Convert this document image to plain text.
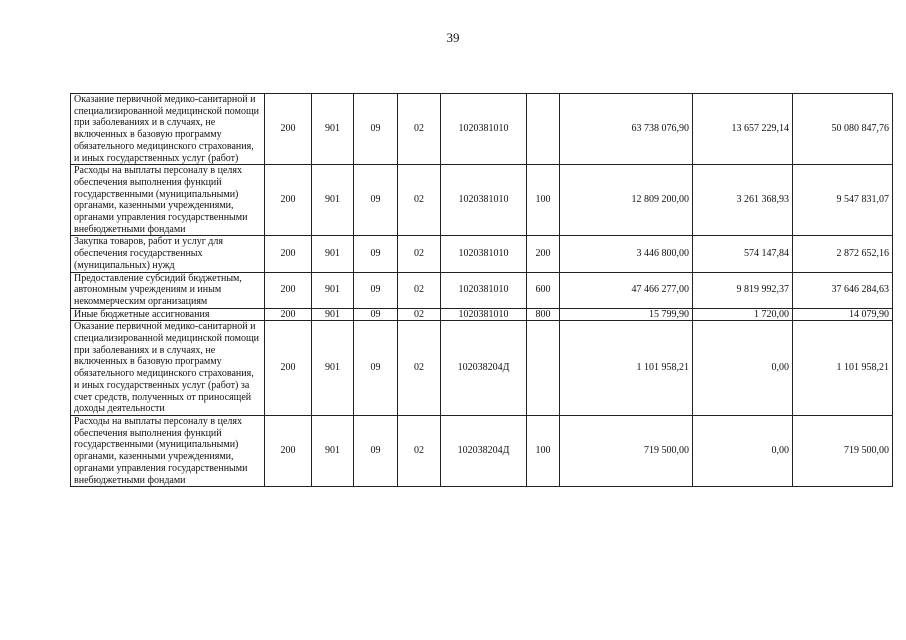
39
Оказание первичной медико-санитарной и специализированной медицинской помощи при заболеваниях и в случаях, не включенных в базовую программу обязательного медицинского страхования, и иных государственных услуг (работ)	200	901	09	02	1020381010		63 738 076,90	13 657 229,14	50 080 847,76
Расходы на выплаты персоналу в целях обеспечения выполнения функций государственными (муниципальными) органами, казенными учреждениями, органами управления государственными внебюджетными фондами	200	901	09	02	1020381010	100	12 809 200,00	3 261 368,93	9 547 831,07
Закупка товаров, работ и услуг для обеспечения государственных (муниципальных) нужд	200	901	09	02	1020381010	200	3 446 800,00	574 147,84	2 872 652,16
Предоставление субсидий бюджетным, автономным учреждениям и иным некоммерческим организациям	200	901	09	02	1020381010	600	47 466 277,00	9 819 992,37	37 646 284,63
Иные бюджетные ассигнования	200	901	09	02	1020381010	800	15 799,90	1 720,00	14 079,90
Оказание первичной медико-санитарной и специализированной медицинской помощи при заболеваниях и в случаях, не включенных в базовую программу обязательного медицинского страхования, и иных государственных услуг (работ) за счет средств, полученных от приносящей доходы деятельности	200	901	09	02	102038204Д		1 101 958,21	0,00	1 101 958,21
Расходы на выплаты персоналу в целях обеспечения выполнения функций государственными (муниципальными) органами, казенными учреждениями, органами управления государственными внебюджетными фондами	200	901	09	02	102038204Д	100	719 500,00	0,00	719 500,00
